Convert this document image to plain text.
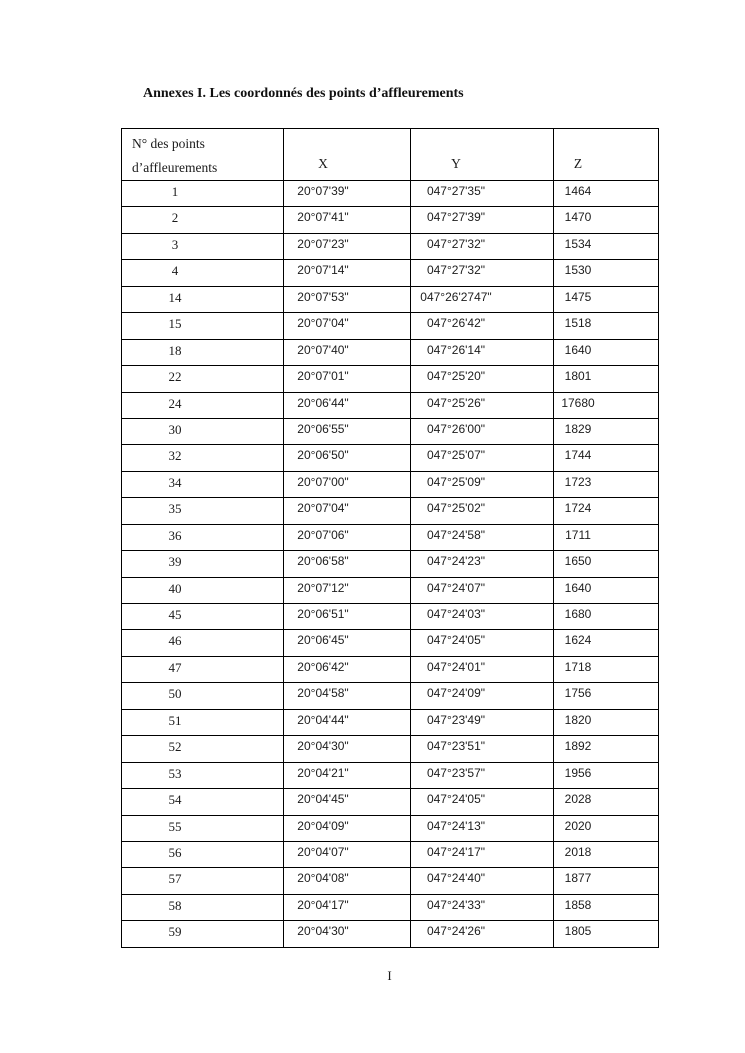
Annexes I. Les coordonnés des points d’affleurements
N° des points
d’affleurements	X	Y	Z
1	20°07'39"	047°27'35"	1464
2	20°07'41"	047°27'39"	1470
3	20°07'23"	047°27'32"	1534
4	20°07'14"	047°27'32"	1530
14	20°07'53"	047°26'2747"	1475
15	20°07'04"	047°26'42"	1518
18	20°07'40"	047°26'14"	1640
22	20°07'01"	047°25'20"	1801
24	20°06'44"	047°25'26"	17680
30	20°06'55"	047°26'00"	1829
32	20°06'50"	047°25'07"	1744
34	20°07'00"	047°25'09"	1723
35	20°07'04"	047°25'02"	1724
36	20°07'06"	047°24'58"	1711
39	20°06'58"	047°24'23"	1650
40	20°07'12"	047°24'07"	1640
45	20°06'51"	047°24'03"	1680
46	20°06'45"	047°24'05"	1624
47	20°06'42"	047°24'01"	1718
50	20°04'58"	047°24'09"	1756
51	20°04'44"	047°23'49"	1820
52	20°04'30"	047°23'51"	1892
53	20°04'21"	047°23'57"	1956
54	20°04'45"	047°24'05"	2028
55	20°04'09"	047°24'13"	2020
56	20°04'07"	047°24'17"	2018
57	20°04'08"	047°24'40"	1877
58	20°04'17"	047°24'33"	1858
59	20°04'30"	047°24'26"	1805
I
